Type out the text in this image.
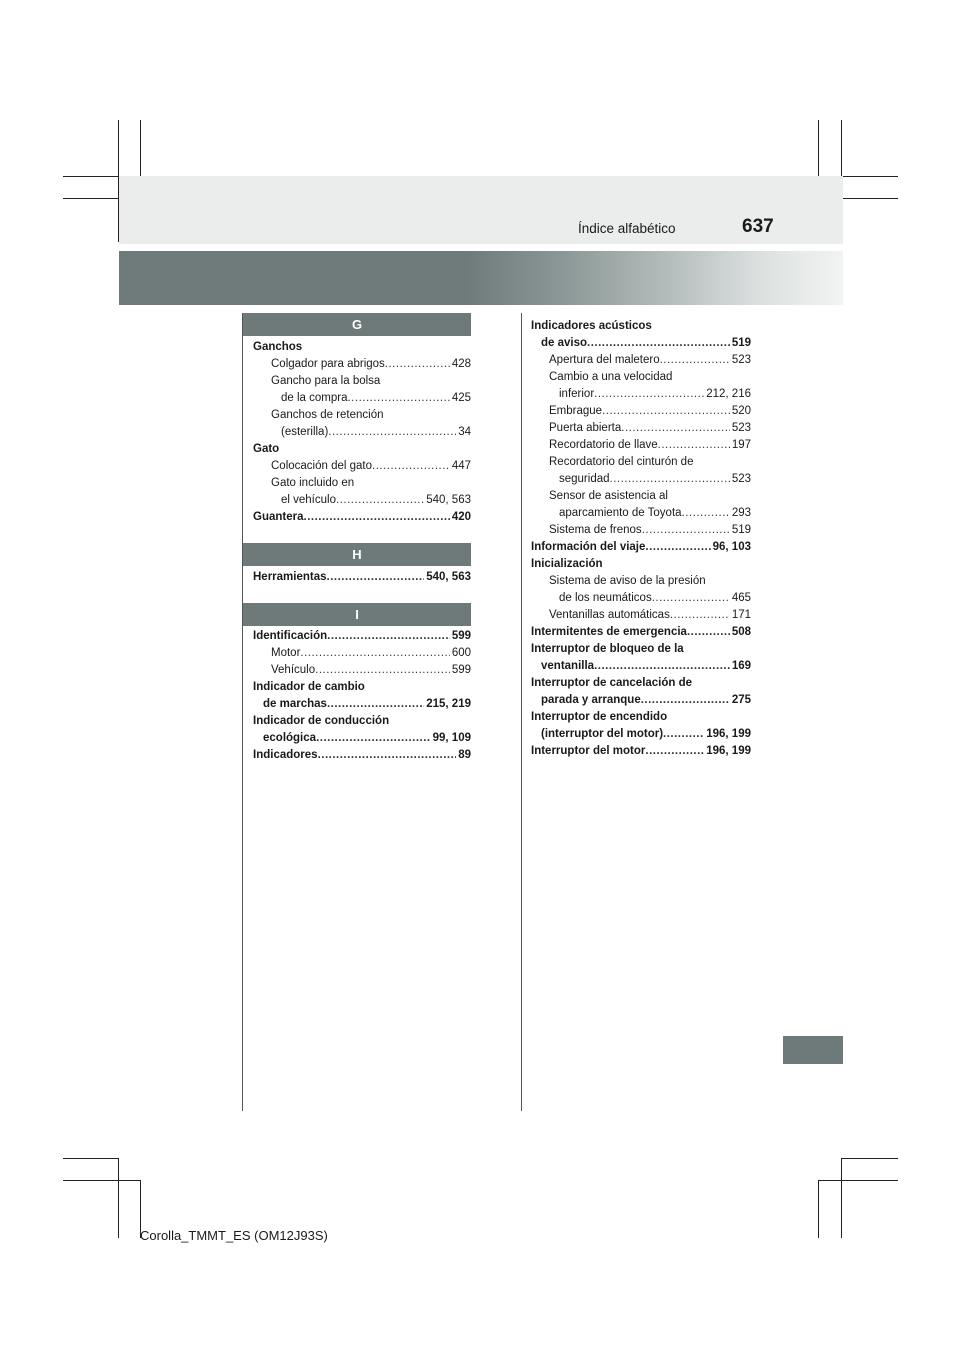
Índice alfabético	637
G
H
I
Ganchos
Colgador para abrigos .....	428
Gancho para la bolsa
de la compra .....	425
Ganchos de retención
(esterilla) .....	34
Gato
Colocación del gato .....	447
Gato incluido en
el vehículo .....	540, 563
Guantera .....	420
Herramientas .....	540, 563
Identificación .....	599
Motor .....	600
Vehículo .....	599
Indicador de cambio
de marchas .....	215, 219
Indicador de conducción
ecológica .....	99, 109
Indicadores .....	89
Indicadores acústicos
de aviso .....	519
Apertura del maletero .....	523
Cambio a una velocidad
inferior .....	212, 216
Embrague .....	520
Puerta abierta .....	523
Recordatorio de llave .....	197
Recordatorio del cinturón de
seguridad .....	523
Sensor de asistencia al
aparcamiento de Toyota .....	293
Sistema de frenos .....	519
Información del viaje .....	96, 103
Inicialización
Sistema de aviso de la presión
de los neumáticos .....	465
Ventanillas automáticas .....	171
Intermitentes de emergencia .....	508
Interruptor de bloqueo de la
ventanilla .....	169
Interruptor de cancelación de
parada y arranque .....	275
Interruptor de encendido
(interruptor del motor) .....	196, 199
Interruptor del motor .....	196, 199
Corolla_TMMT_ES (OM12J93S)
